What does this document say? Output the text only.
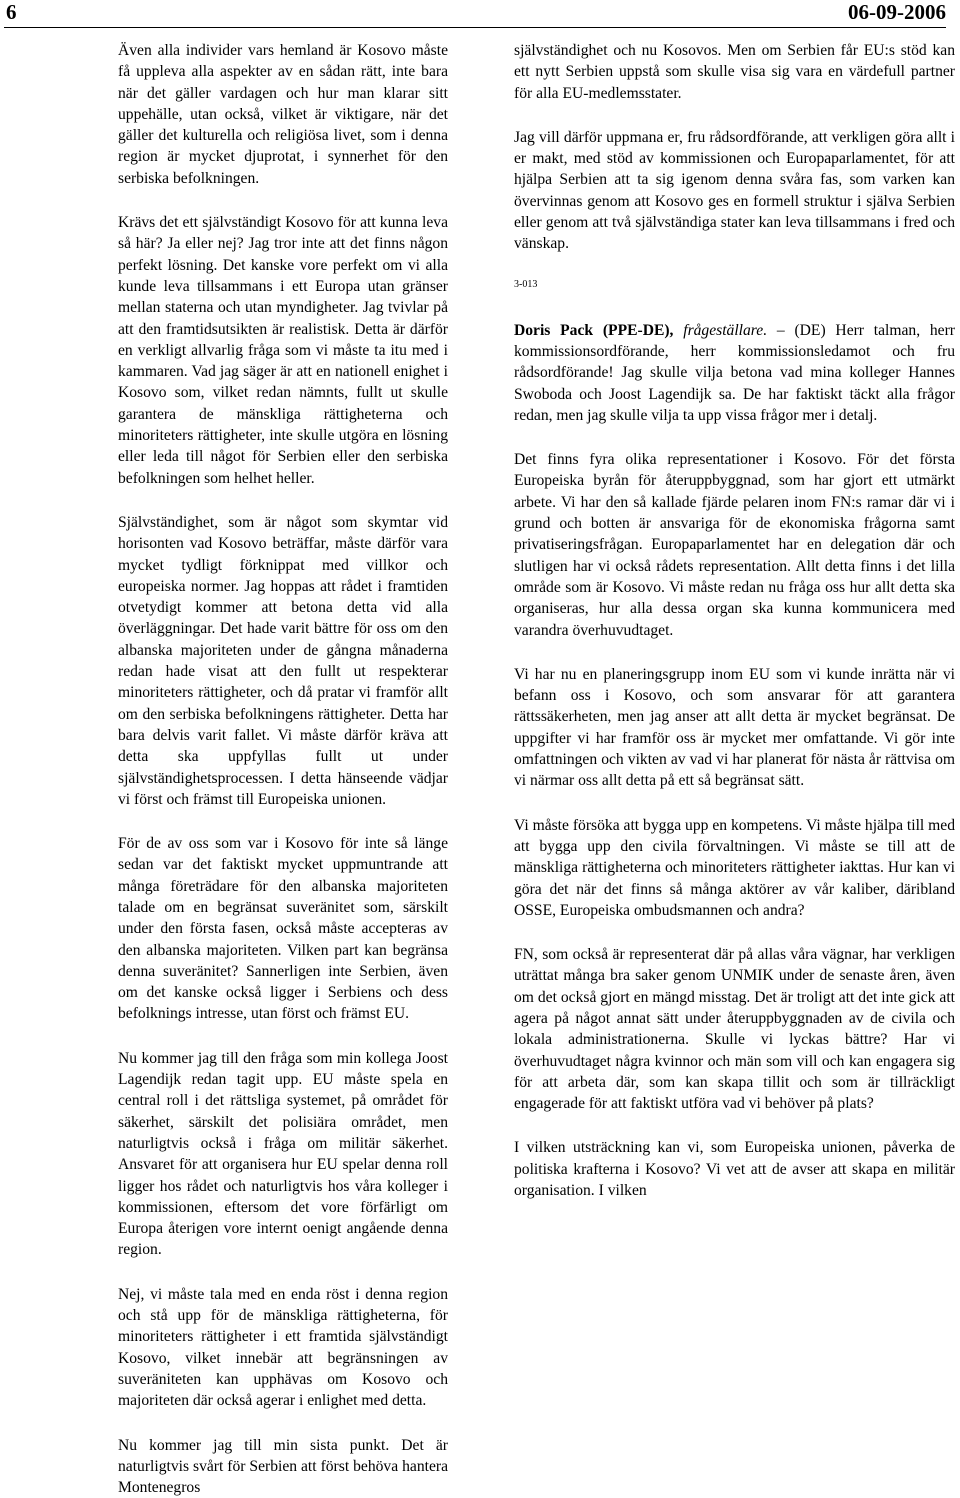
6	06-09-2006

Även alla individer vars hemland är Kosovo måste få uppleva alla aspekter av en sådan rätt, inte bara när det gäller vardagen och hur man klarar sitt uppehälle, utan också, vilket är viktigare, när det gäller det kulturella och religiösa livet, som i denna region är mycket djuprotat, i synnerhet för den serbiska befolkningen.

Krävs det ett självständigt Kosovo för att kunna leva så här? Ja eller nej? Jag tror inte att det finns någon perfekt lösning. Det kanske vore perfekt om vi alla kunde leva tillsammans i ett Europa utan gränser mellan staterna och utan myndigheter. Jag tvivlar på att den framtidsutsikten är realistisk. Detta är därför en verkligt allvarlig fråga som vi måste ta itu med i kammaren. Vad jag säger är att en nationell enighet i Kosovo som, vilket redan nämnts, fullt ut skulle garantera de mänskliga rättigheterna och minoriteters rättigheter, inte skulle utgöra en lösning eller leda till något för Serbien eller den serbiska befolkningen som helhet heller.

Självständighet, som är något som skymtar vid horisonten vad Kosovo beträffar, måste därför vara mycket tydligt förknippat med villkor och europeiska normer. Jag hoppas att rådet i framtiden otvetydigt kommer att betona detta vid alla överläggningar. Det hade varit bättre för oss om den albanska majoriteten under de gångna månaderna redan hade visat att den fullt ut respekterar minoriteters rättigheter, och då pratar vi framför allt om den serbiska befolkningens rättigheter. Detta har bara delvis varit fallet. Vi måste därför kräva att detta ska uppfyllas fullt ut under självständighetsprocessen. I detta hänseende vädjar vi först och främst till Europeiska unionen.

För de av oss som var i Kosovo för inte så länge sedan var det faktiskt mycket uppmuntrande att många företrädare för den albanska majoriteten talade om en begränsat suveränitet som, särskilt under den första fasen, också måste accepteras av den albanska majoriteten. Vilken part kan begränsa denna suveränitet? Sannerligen inte Serbien, även om det kanske också ligger i Serbiens och dess befolknings intresse, utan först och främst EU.

Nu kommer jag till den fråga som min kollega Joost Lagendijk redan tagit upp. EU måste spela en central roll i det rättsliga systemet, på området för säkerhet, särskilt det polisiära området, men naturligtvis också i fråga om militär säkerhet. Ansvaret för att organisera hur EU spelar denna roll ligger hos rådet och naturligtvis hos våra kolleger i kommissionen, eftersom det vore förfärligt om Europa återigen vore internt oenigt angående denna region.

Nej, vi måste tala med en enda röst i denna region och stå upp för de mänskliga rättigheterna, för minoriteters rättigheter i ett framtida självständigt Kosovo, vilket innebär att begränsningen av suveräniteten kan upphävas om Kosovo och majoriteten där också agerar i enlighet med detta.

Nu kommer jag till min sista punkt. Det är naturligtvis svårt för Serbien att först behöva hantera Montenegros

självständighet och nu Kosovos. Men om Serbien får EU:s stöd kan ett nytt Serbien uppstå som skulle visa sig vara en värdefull partner för alla EU-medlemsstater.

Jag vill därför uppmana er, fru rådsordförande, att verkligen göra allt i er makt, med stöd av kommissionen och Europaparlamentet, för att hjälpa Serbien att ta sig igenom denna svåra fas, som varken kan övervinnas genom att Kosovo ges en formell struktur i själva Serbien eller genom att två självständiga stater kan leva tillsammans i fred och vänskap.

3-013

Doris Pack (PPE-DE), frågeställare. – (DE) Herr talman, herr kommissionsordförande, herr kommissionsledamot och fru rådsordförande! Jag skulle vilja betona vad mina kolleger Hannes Swoboda och Joost Lagendijk sa. De har faktiskt täckt alla frågor redan, men jag skulle vilja ta upp vissa frågor mer i detalj.

Det finns fyra olika representationer i Kosovo. För det första Europeiska byrån för återuppbyggnad, som har gjort ett utmärkt arbete. Vi har den så kallade fjärde pelaren inom FN:s ramar där vi i grund och botten är ansvariga för de ekonomiska frågorna samt privatiseringsfrågan. Europaparlamentet har en delegation där och slutligen har vi också rådets representation. Allt detta finns i det lilla område som är Kosovo. Vi måste redan nu fråga oss hur allt detta ska organiseras, hur alla dessa organ ska kunna kommunicera med varandra överhuvudtaget.

Vi har nu en planeringsgrupp inom EU som vi kunde inrätta när vi befann oss i Kosovo, och som ansvarar för att garantera rättssäkerheten, men jag anser att allt detta är mycket begränsat. De uppgifter vi har framför oss är mycket mer omfattande. Vi gör inte omfattningen och vikten av vad vi har planerat för nästa år rättvisa om vi närmar oss allt detta på ett så begränsat sätt.

Vi måste försöka att bygga upp en kompetens. Vi måste hjälpa till med att bygga upp den civila förvaltningen. Vi måste se till att de mänskliga rättigheterna och minoriteters rättigheter iakttas. Hur kan vi göra det när det finns så många aktörer av vår kaliber, däribland OSSE, Europeiska ombudsmannen och andra?

FN, som också är representerat där på allas våra vägnar, har verkligen uträttat många bra saker genom UNMIK under de senaste åren, även om det också gjort en mängd misstag. Det är troligt att det inte gick att agera på något annat sätt under återuppbyggnaden av de civila och lokala administrationerna. Skulle vi lyckas bättre? Har vi överhuvudtaget några kvinnor och män som vill och kan engagera sig för att arbeta där, som kan skapa tillit och som är tillräckligt engagerade för att faktiskt utföra vad vi behöver på plats?

I vilken utsträckning kan vi, som Europeiska unionen, påverka de politiska krafterna i Kosovo? Vi vet att de avser att skapa en militär organisation. I vilken
